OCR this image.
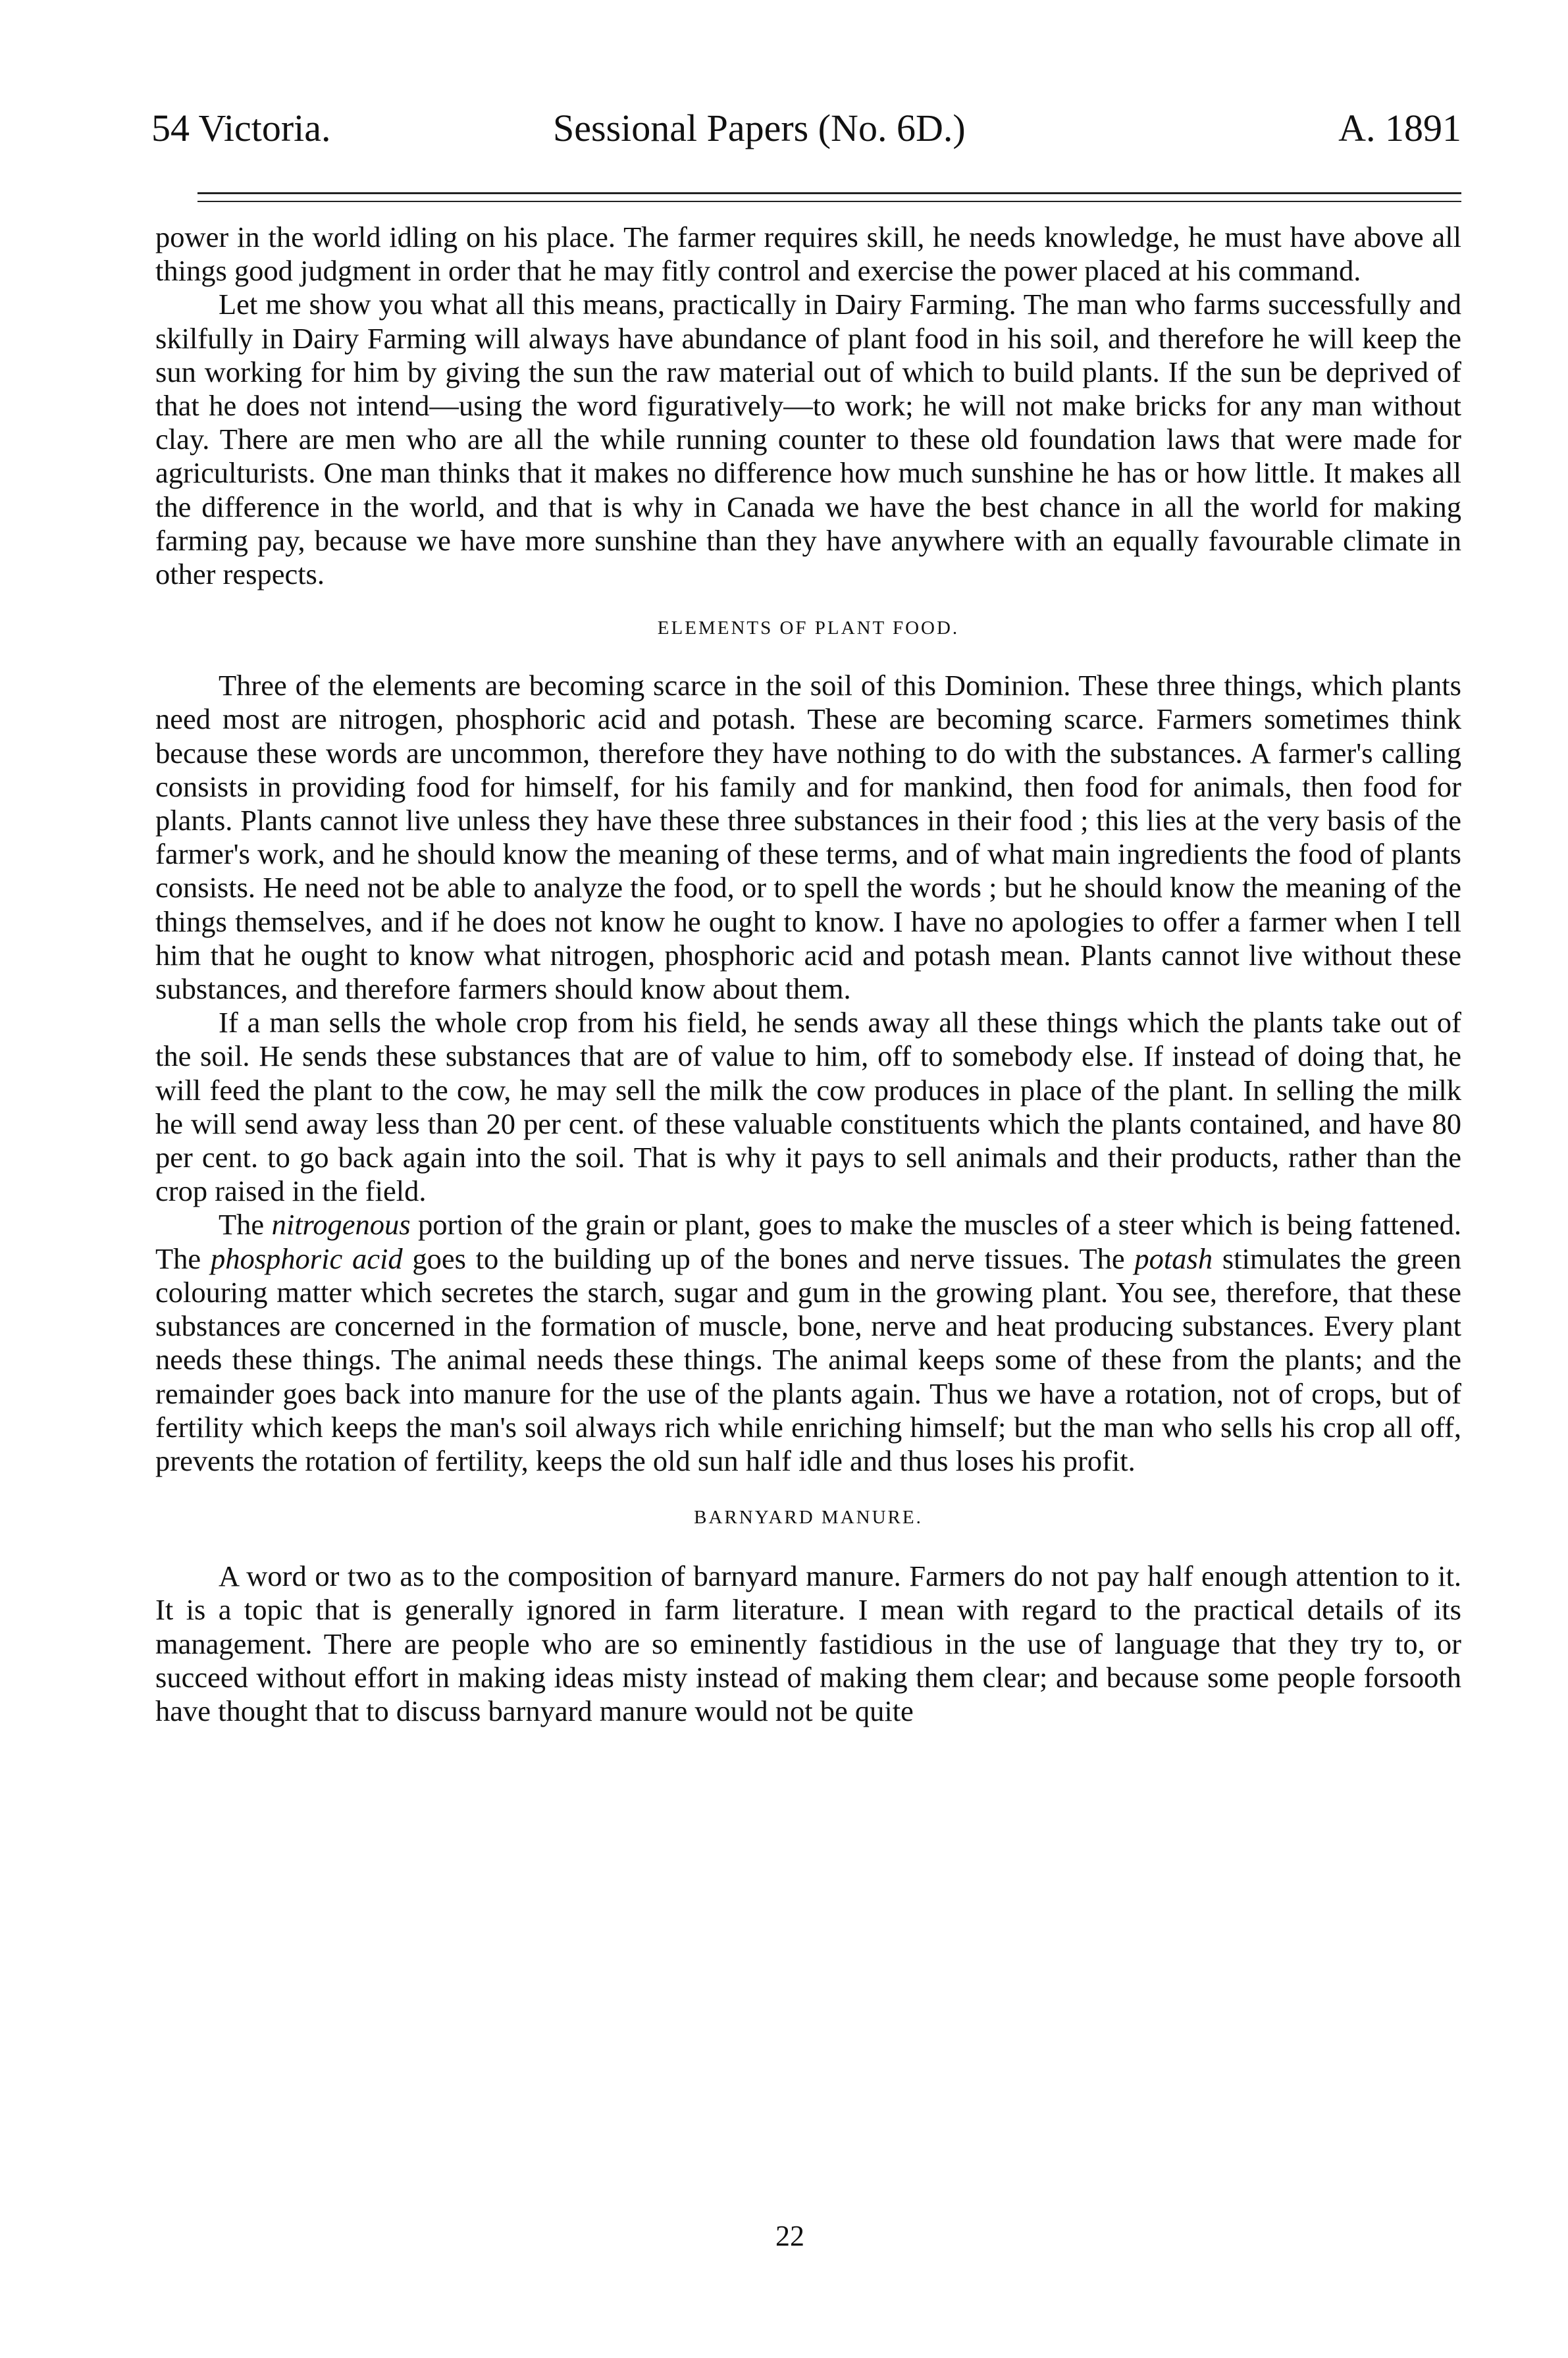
54 Victoria.	Sessional Papers (No. 6D.)	A. 1891

power in the world idling on his place. The farmer requires skill, he needs knowledge, he must have above all things good judgment in order that he may fitly control and exercise the power placed at his command.

Let me show you what all this means, practically in Dairy Farming. The man who farms successfully and skilfully in Dairy Farming will always have abundance of plant food in his soil, and therefore he will keep the sun working for him by giving the sun the raw material out of which to build plants. If the sun be deprived of that he does not intend—using the word figuratively—to work; he will not make bricks for any man without clay. There are men who are all the while running counter to these old foundation laws that were made for agriculturists. One man thinks that it makes no difference how much sunshine he has or how little. It makes all the difference in the world, and that is why in Canada we have the best chance in all the world for making farming pay, because we have more sunshine than they have anywhere with an equally favourable climate in other respects.

ELEMENTS OF PLANT FOOD.

Three of the elements are becoming scarce in the soil of this Dominion. These three things, which plants need most are nitrogen, phosphoric acid and potash. These are becoming scarce. Farmers sometimes think because these words are uncommon, therefore they have nothing to do with the substances. A farmer's calling consists in providing food for himself, for his family and for mankind, then food for animals, then food for plants. Plants cannot live unless they have these three substances in their food ; this lies at the very basis of the farmer's work, and he should know the meaning of these terms, and of what main ingredients the food of plants consists. He need not be able to analyze the food, or to spell the words ; but he should know the meaning of the things themselves, and if he does not know he ought to know. I have no apologies to offer a farmer when I tell him that he ought to know what nitrogen, phosphoric acid and potash mean. Plants cannot live without these substances, and therefore farmers should know about them.

If a man sells the whole crop from his field, he sends away all these things which the plants take out of the soil. He sends these substances that are of value to him, off to somebody else. If instead of doing that, he will feed the plant to the cow, he may sell the milk the cow produces in place of the plant. In selling the milk he will send away less than 20 per cent. of these valuable constituents which the plants contained, and have 80 per cent. to go back again into the soil. That is why it pays to sell animals and their products, rather than the crop raised in the field.

The nitrogenous portion of the grain or plant, goes to make the muscles of a steer which is being fattened. The phosphoric acid goes to the building up of the bones and nerve tissues. The potash stimulates the green colouring matter which secretes the starch, sugar and gum in the growing plant. You see, therefore, that these substances are concerned in the formation of muscle, bone, nerve and heat producing substances. Every plant needs these things. The animal needs these things. The animal keeps some of these from the plants; and the remainder goes back into manure for the use of the plants again. Thus we have a rotation, not of crops, but of fertility which keeps the man's soil always rich while enriching himself; but the man who sells his crop all off, prevents the rotation of fertility, keeps the old sun half idle and thus loses his profit.

BARNYARD MANURE.

A word or two as to the composition of barnyard manure. Farmers do not pay half enough attention to it. It is a topic that is generally ignored in farm literature. I mean with regard to the practical details of its management. There are people who are so eminently fastidious in the use of language that they try to, or succeed without effort in making ideas misty instead of making them clear; and because some people forsooth have thought that to discuss barnyard manure would not be quite

22
